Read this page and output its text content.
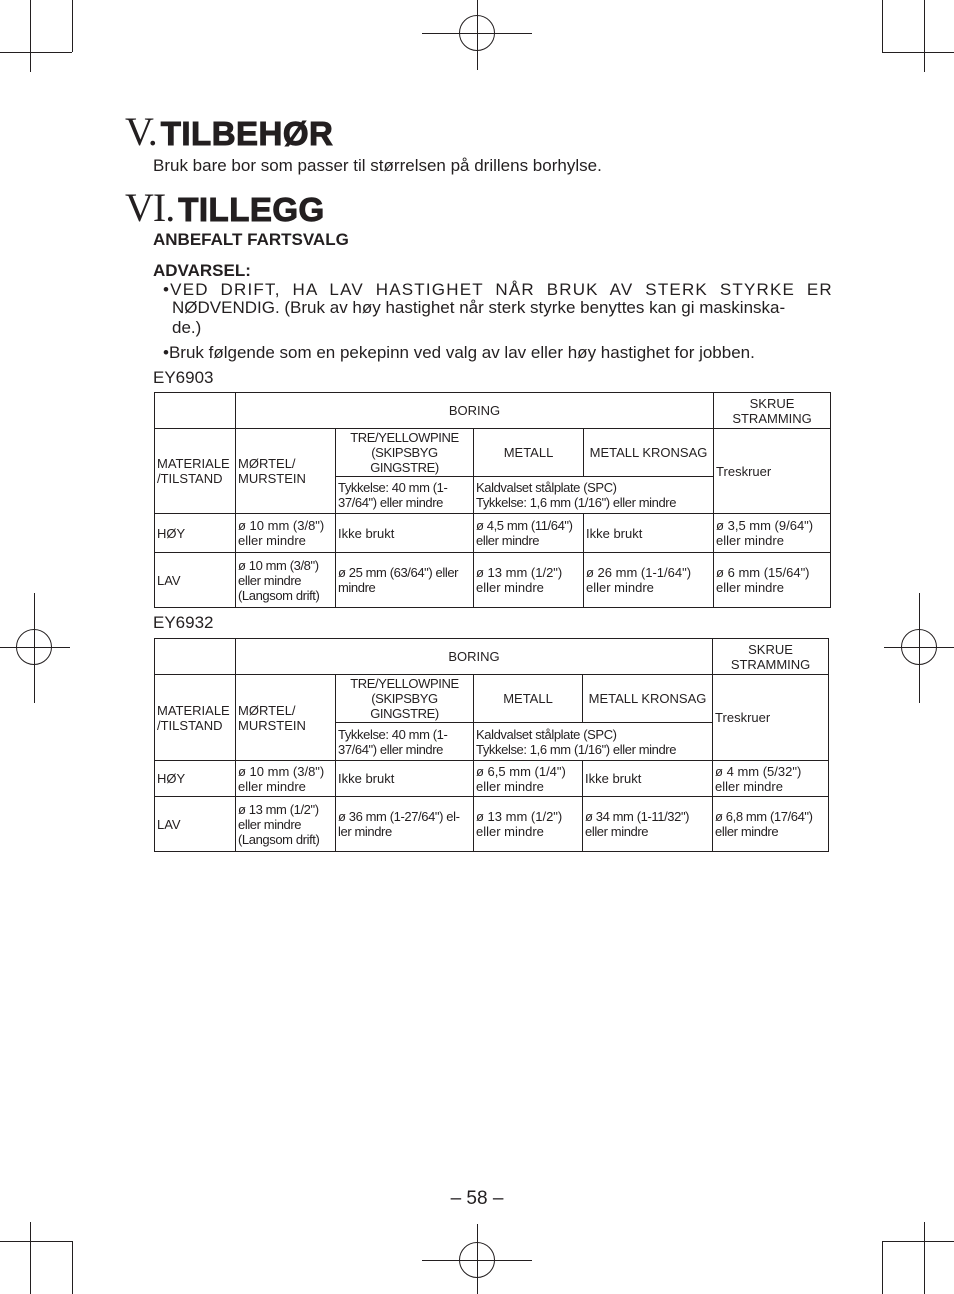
V. TILBEHØR
Bruk bare bor som passer til størrelsen på drillens borhylse.
VI. TILLEGG
ANBEFALT FARTSVALG
ADVARSEL:
•VED  DRIFT,  HA  LAV  HASTIGHET  NÅR  BRUK  AV  STERK  STYRKE  ER
NØDVENDIG. (Bruk av høy hastighet når sterk styrke benyttes kan gi maskinska-
de.)
•Bruk følgende som en pekepinn ved valg av lav eller høy hastighet for jobben.
EY6903
	BORING				SKRUE STRAMMING
MATERIALE /TILSTAND	MØRTEL/ MURSTEIN	TRE/YELLOWPINE (SKIPSBYG GINGSTRE)	METALL	METALL KRONSAG	Treskruer
		Tykkelse: 40 mm (1-37/64") eller mindre	Kaldvalset stålplate (SPC)
Tykkelse: 1,6 mm (1/16") eller mindre		

HØY	ø 10 mm (3/8") eller mindre	Ikke brukt	ø 4,5 mm (11/64") eller mindre	Ikke brukt	ø 3,5 mm (9/64") eller mindre
LAV	ø 10 mm (3/8") eller mindre (Langsom drift)	ø 25 mm (63/64") eller mindre	ø 13 mm (1/2") eller mindre	ø 26 mm (1-1/64") eller mindre	ø 6 mm (15/64") eller mindre
EY6932
	BORING				SKRUE STRAMMING
MATERIALE /TILSTAND	MØRTEL/ MURSTEIN	TRE/YELLOWPINE (SKIPSBYG GINGSTRE)	METALL	METALL KRONSAG	Treskruer
		Tykkelse: 40 mm (1-37/64") eller mindre	Kaldvalset stålplate (SPC)
Tykkelse: 1,6 mm (1/16") eller mindre		

HØY	ø 10 mm (3/8") eller mindre	Ikke brukt	ø 6,5 mm (1/4") eller mindre	Ikke brukt	ø 4 mm (5/32") eller mindre
LAV	ø 13 mm (1/2") eller mindre (Langsom drift)	ø 36 mm (1-27/64") el- ler mindre	ø 13 mm (1/2") eller mindre	ø 34 mm (1-11/32") eller mindre	ø 6,8 mm (17/64") eller mindre
– 58 –
